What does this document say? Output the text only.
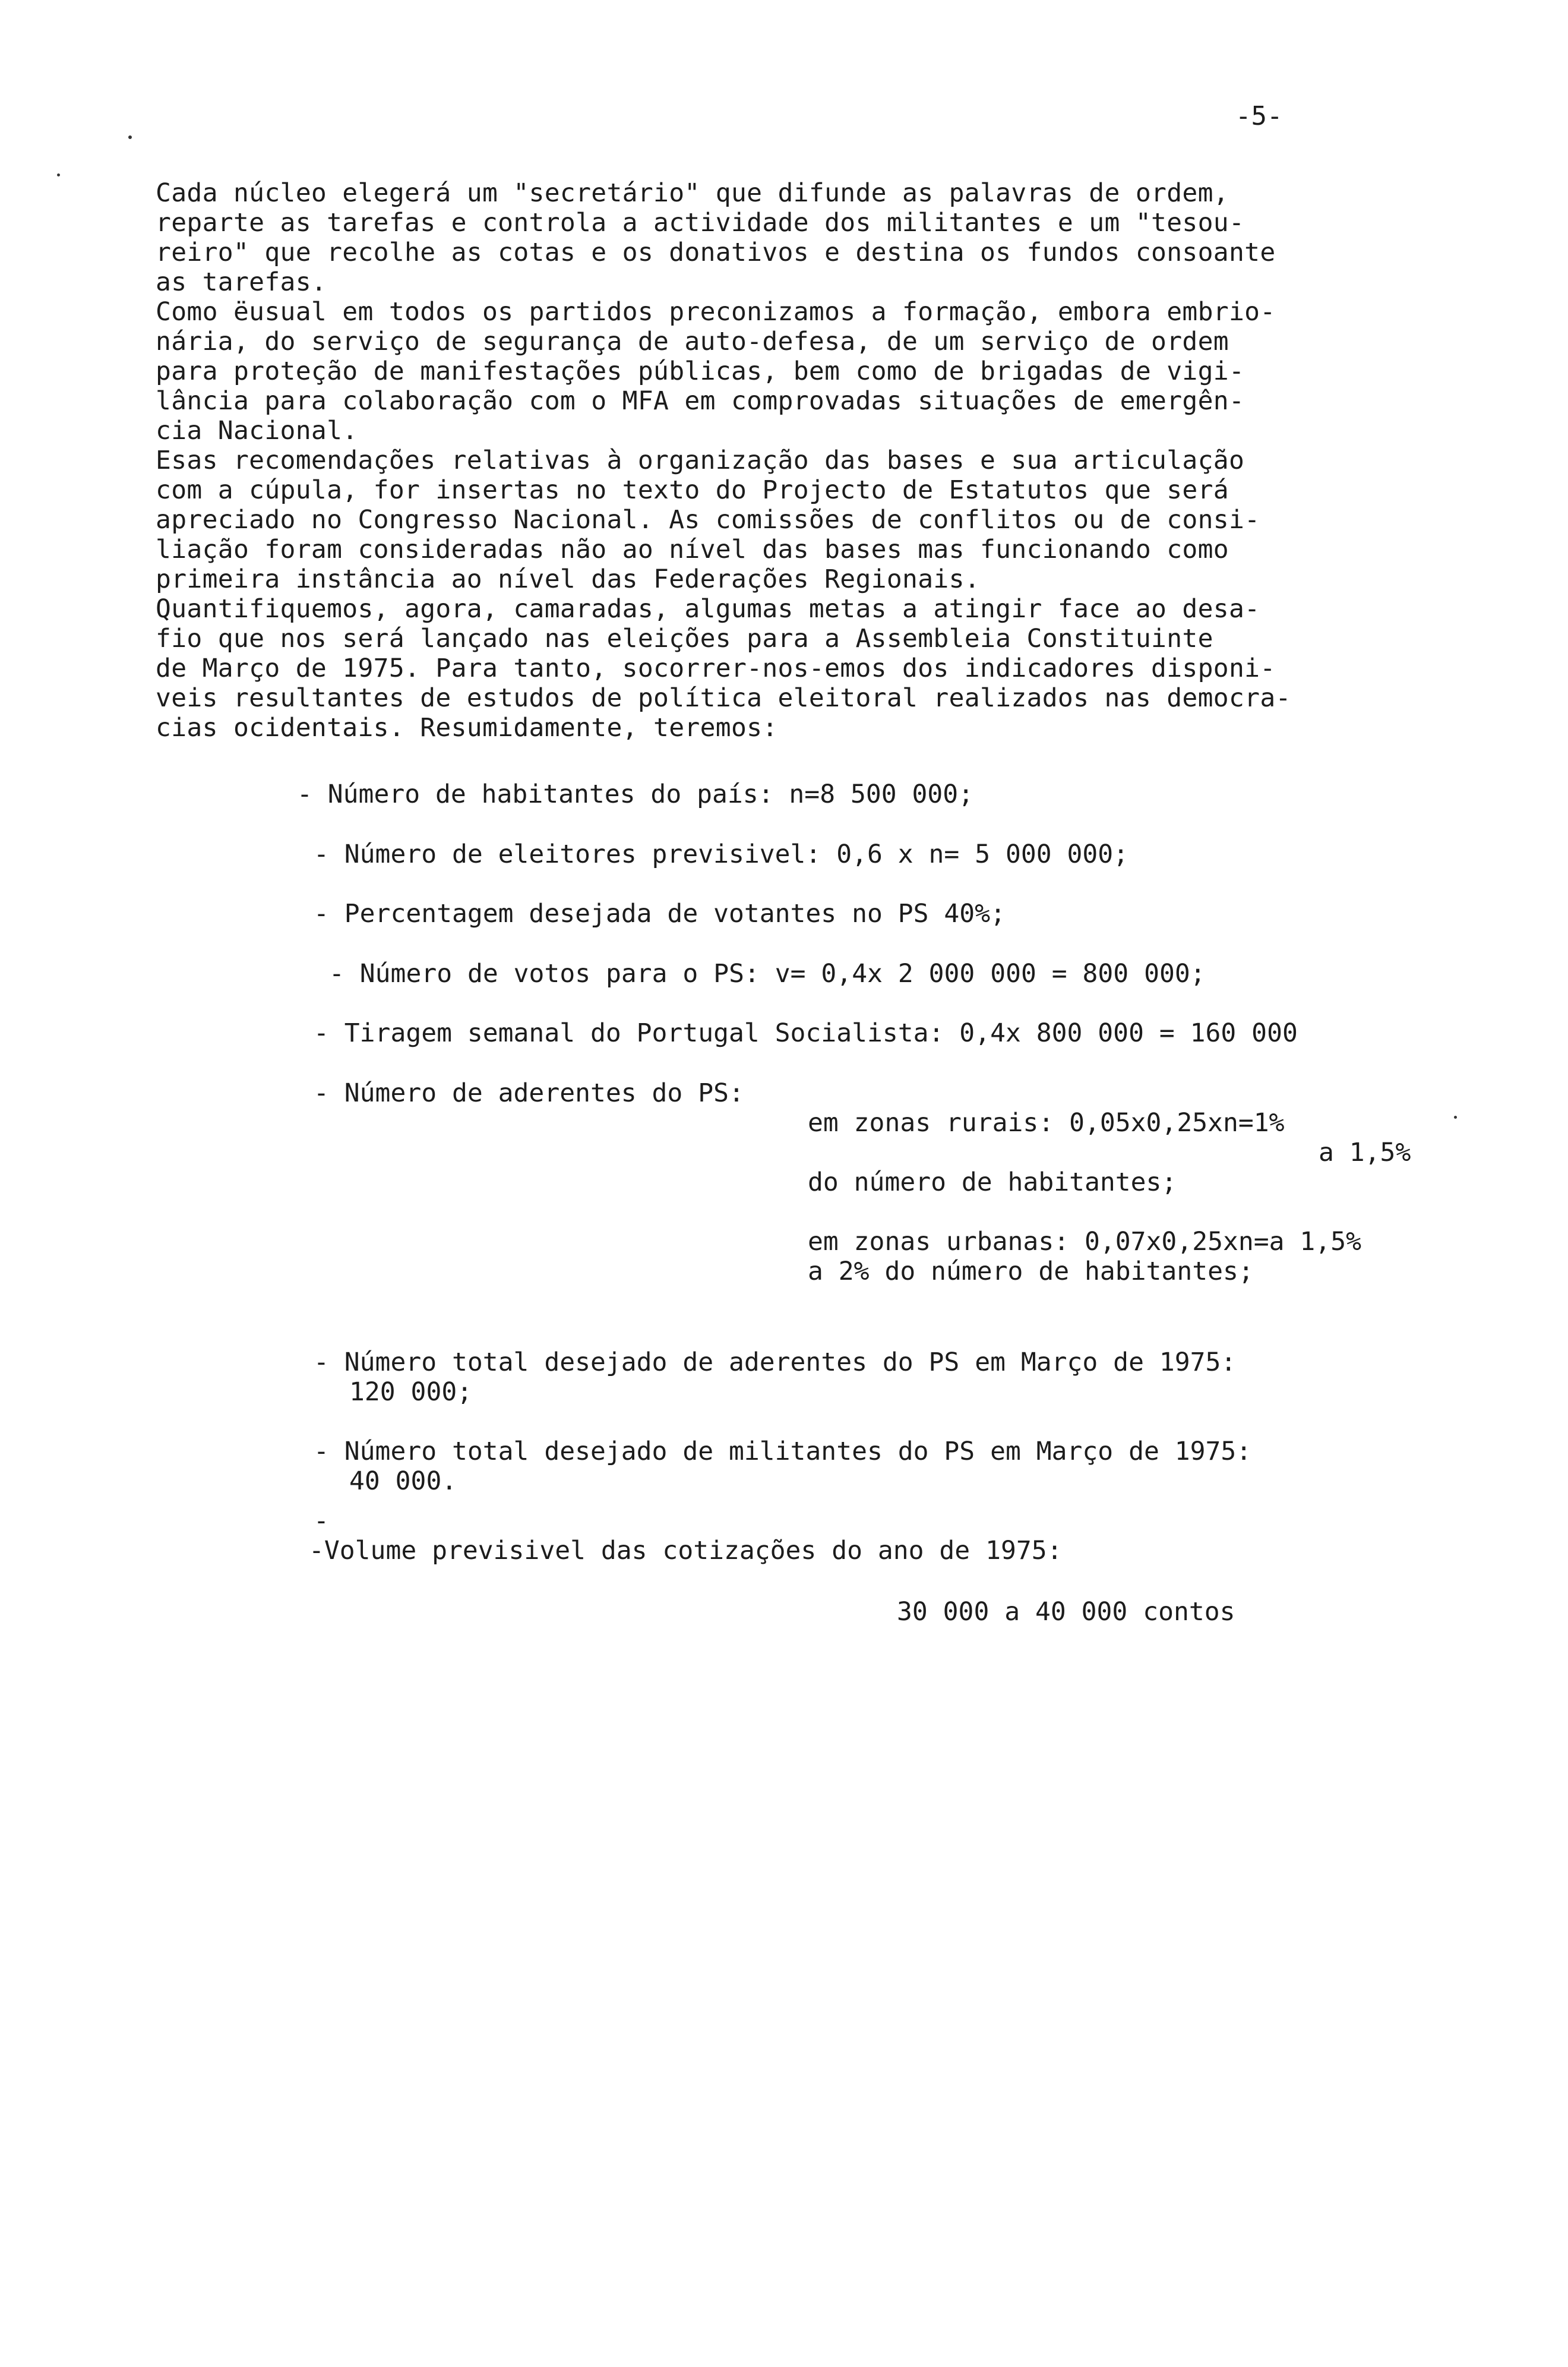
-5-
Cada núcleo elegerá um "secretário" que difunde as palavras de ordem,
reparte as tarefas e controla a actividade dos militantes e um "tesou-
reiro" que recolhe as cotas e os donativos e destina os fundos consoante
as tarefas.
Como ëusual em todos os partidos preconizamos a formação, embora embrio-
nária, do serviço de segurança de auto-defesa, de um serviço de ordem
para proteção de manifestações públicas, bem como de brigadas de vigi-
lância para colaboração com o MFA em comprovadas situações de emergên-
cia Nacional.
Esas recomendações relativas à organização das bases e sua articulação
com a cúpula, for insertas no texto do Projecto de Estatutos que será
apreciado no Congresso Nacional. As comissões de conflitos ou de consi-
liação foram consideradas não ao nível das bases mas funcionando como
primeira instância ao nível das Federações Regionais.
Quantifiquemos, agora, camaradas, algumas metas a atingir face ao desa-
fio que nos será lançado nas eleições para a Assembleia Constituinte
de Março de 1975. Para tanto, socorrer-nos-emos dos indicadores disponi-
veis resultantes de estudos de política eleitoral realizados nas democra-
cias ocidentais. Resumidamente, teremos:
- Número de habitantes do país: n=8 500 000;
- Número de eleitores previsivel: 0,6 x n= 5 000 000;
- Percentagem desejada de votantes no PS 40%;
- Número de votos para o PS: v= 0,4x 2 000 000 = 800 000;
- Tiragem semanal do Portugal Socialista: 0,4x 800 000 = 160 000
- Número de aderentes do PS:
em zonas rurais: 0,05x0,25xn=1%
a 1,5%
do número de habitantes;
em zonas urbanas: 0,07x0,25xn=a 1,5%
a 2% do número de habitantes;
- Número total desejado de aderentes do PS em Março de 1975:
120 000;
- Número total desejado de militantes do PS em Março de 1975:
40 000.
-
-Volume previsivel das cotizações do ano de 1975:
30 000 a 40 000 contos
